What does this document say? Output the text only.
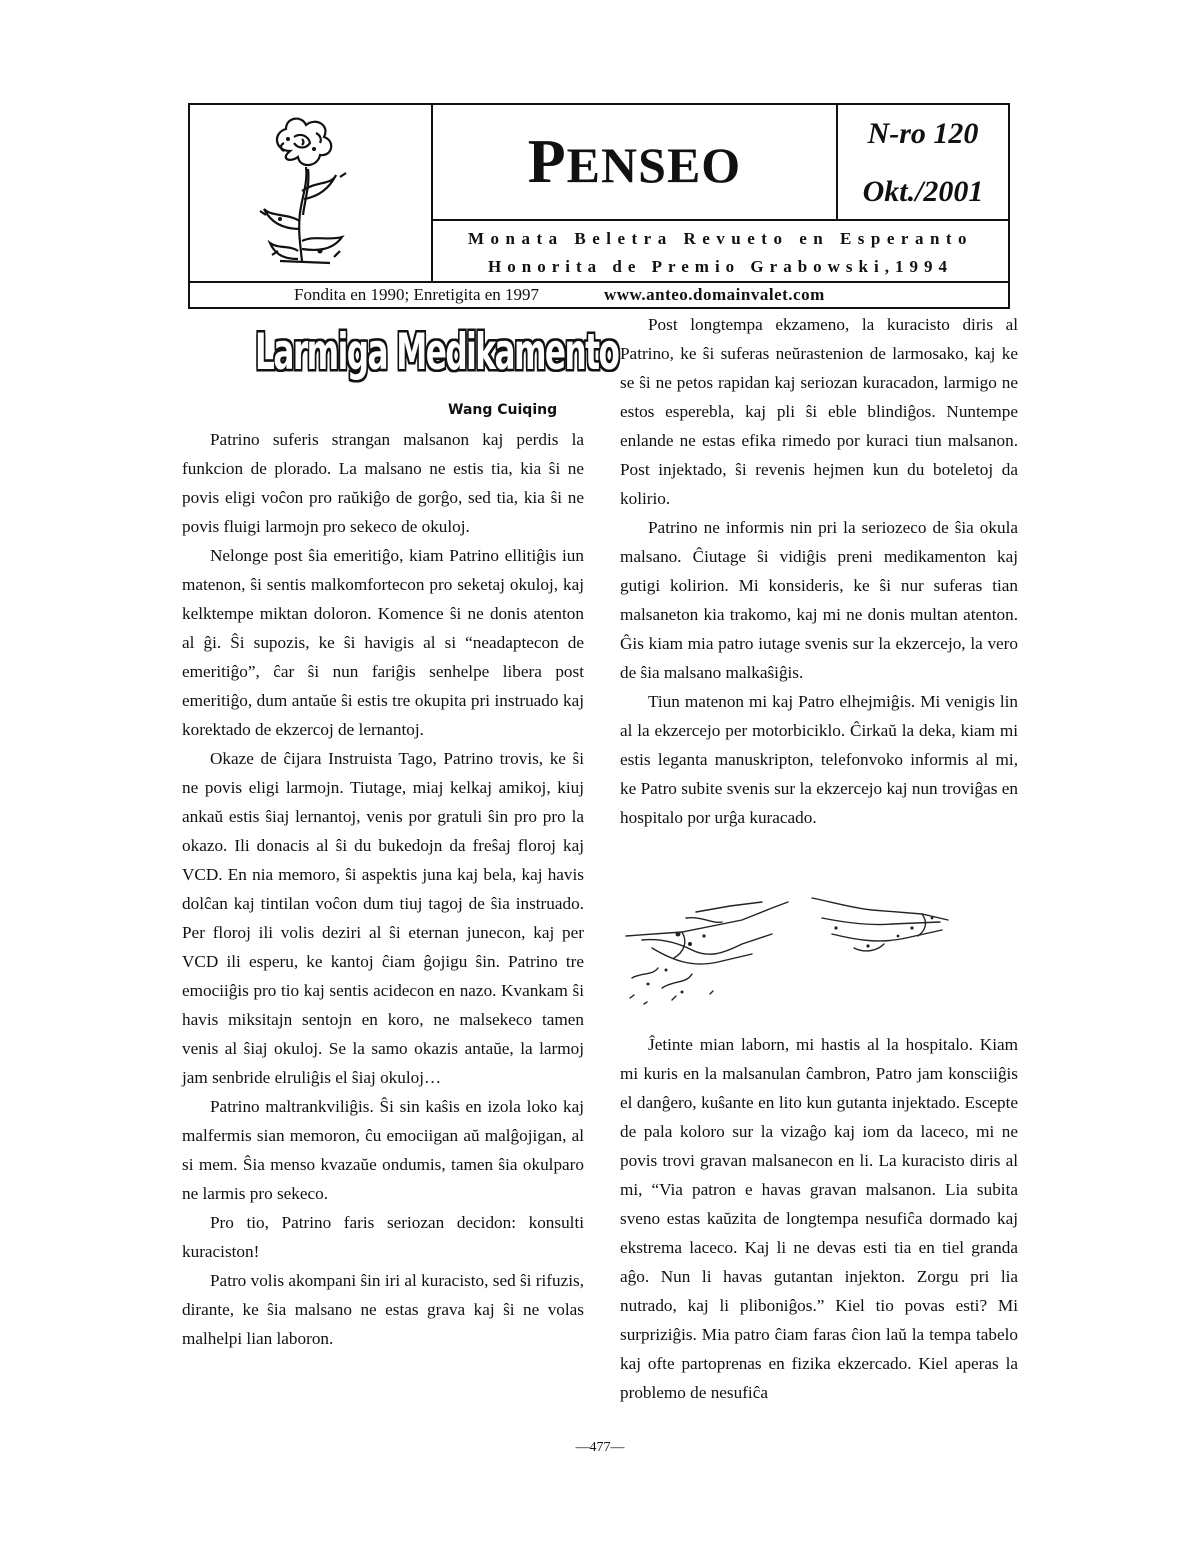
PENSEO
N-ro 120
Okt./2001
Monata Beletra Revueto en Esperanto
Honorita de Premio Grabowski,1994
Fondita en 1990; Enretigita en 1997	www.anteo.domainvalet.com
Larmiga Medikamento
Wang Cuiqing

Patrino suferis strangan malsanon kaj perdis la funkcion de plorado. La malsano ne estis tia, kia ŝi ne povis eligi voĉon pro raŭkiĝo de gorĝo, sed tia, kia ŝi ne povis fluigi larmojn pro sekeco de okuloj.

Nelonge post ŝia emeritiĝo, kiam Patrino ellitiĝis iun matenon, ŝi sentis malkomfortecon pro seketaj okuloj, kaj kelktempe miktan doloron. Komence ŝi ne donis atenton al ĝi. Ŝi supozis, ke ŝi havigis al si “neadaptecon de emeritiĝo”, ĉar ŝi nun fariĝis senhelpe libera post emeritiĝo, dum antaŭe ŝi estis tre okupita pri instruado kaj korektado de ekzercoj de lernantoj.

Okaze de ĉijara Instruista Tago, Patrino trovis, ke ŝi ne povis eligi larmojn. Tiutage, miaj kelkaj amikoj, kiuj ankaŭ estis ŝiaj lernantoj, venis por gratuli ŝin pro pro la okazo. Ili donacis al ŝi du bukedojn da freŝaj floroj kaj VCD. En nia memoro, ŝi aspektis juna kaj bela, kaj havis dolĉan kaj tintilan voĉon dum tiuj tagoj de ŝia instruado. Per floroj ili volis deziri al ŝi eternan junecon, kaj per VCD ili esperu, ke kantoj ĉiam ĝojigu ŝin. Patrino tre emociiĝis pro tio kaj sentis acidecon en nazo. Kvankam ŝi havis miksitajn sentojn en koro, ne malsekeco tamen venis al ŝiaj okuloj. Se la samo okazis antaŭe, la larmoj jam senbride elruliĝis el ŝiaj okuloj…

Patrino maltrankviliĝis. Ŝi sin kaŝis en izola loko kaj malfermis sian memoron, ĉu emociigan aŭ malĝojigan, al si mem. Ŝia menso kvazaŭe ondumis, tamen ŝia okulparo ne larmis pro sekeco.

Pro tio, Patrino faris seriozan decidon: konsulti kuraciston!

Patro volis akompani ŝin iri al kuracisto, sed ŝi rifuzis, dirante, ke ŝia malsano ne estas grava kaj ŝi ne volas malhelpi lian laboron.

Post longtempa ekzameno, la kuracisto diris al Patrino, ke ŝi suferas neŭrastenion de larmosako, kaj ke se ŝi ne petos rapidan kaj seriozan kuracadon, larmigo ne estos esperebla, kaj pli ŝi eble blindiĝos. Nuntempe enlande ne estas efika rimedo por kuraci tiun malsanon. Post injektado, ŝi revenis hejmen kun du boteletoj da kolirio.

Patrino ne informis nin pri la seriozeco de ŝia okula malsano. Ĉiutage ŝi vidiĝis preni medikamenton kaj gutigi kolirion. Mi konsideris, ke ŝi nur suferas tian malsaneton kia trakomo, kaj mi ne donis multan atenton. Ĝis kiam mia patro iutage svenis sur la ekzercejo, la vero de ŝia malsano malkaŝiĝis.

Tiun matenon mi kaj Patro elhejmiĝis. Mi venigis lin al la ekzercejo per motorbiciklo. Ĉirkaŭ la deka, kiam mi estis leganta manuskripton, telefonvoko informis al mi, ke Patro subite svenis sur la ekzercejo kaj nun troviĝas en hospitalo por urĝa kuracado.

Ĵetinte mian laborn, mi hastis al la hospitalo. Kiam mi kuris en la malsanulan ĉambron, Patro jam konsciiĝis el danĝero, kuŝante en lito kun gutanta injektado. Escepte de pala koloro sur la vizaĝo kaj iom da laceco, mi ne povis trovi gravan malsanecon en li. La kuracisto diris al mi, “Via patron e havas gravan malsanon. Lia subita sveno estas kaŭzita de longtempa nesufiĉa dormado kaj ekstrema laceco. Kaj li ne devas esti tia en tiel granda aĝo. Nun li havas gutantan injekton. Zorgu pri lia nutrado, kaj li pliboniĝos.” Kiel tio povas esti? Mi surpriziĝis. Mia patro ĉiam faras ĉion laŭ la tempa tabelo kaj ofte partoprenas en fizika ekzercado. Kiel aperas la problemo de nesufiĉa

—477—
